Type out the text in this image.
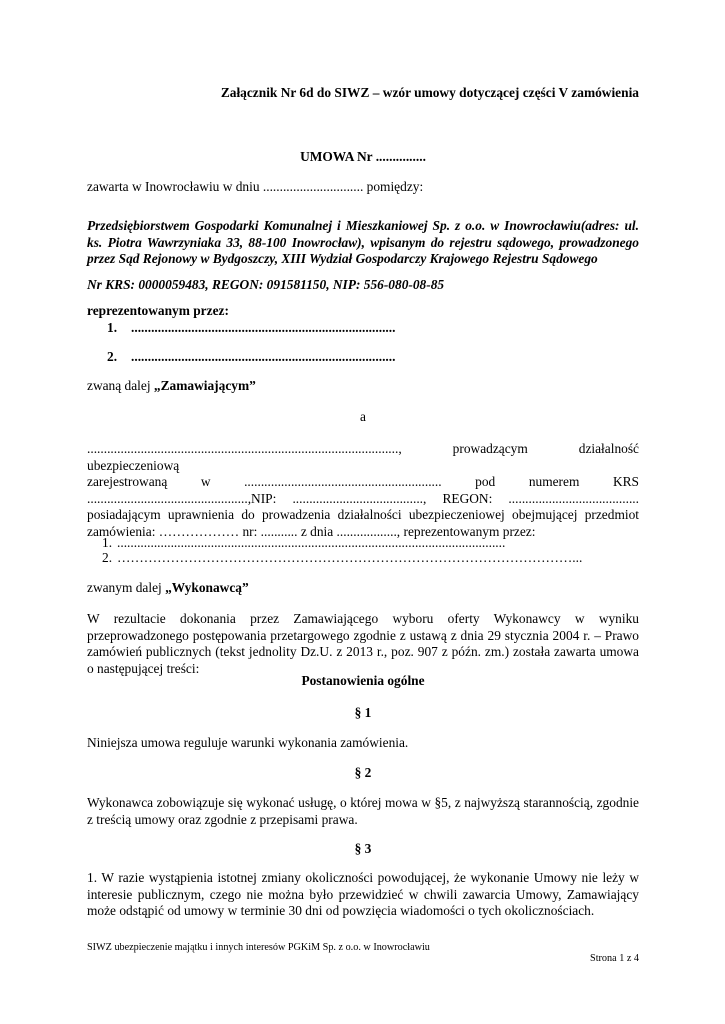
Załącznik Nr 6d do SIWZ – wzór umowy dotyczącej części V zamówienia

UMOWA Nr ...............

zawarta w Inowrocławiu w dniu .............................. pomiędzy:

Przedsiębiorstwem Gospodarki Komunalnej i Mieszkaniowej Sp. z o.o. w Inowrocławiu(adres: ul.
ks. Piotra Wawrzyniaka 33, 88-100 Inowrocław), wpisanym do rejestru sądowego, prowadzonego
przez Sąd Rejonowy w Bydgoszczy, XIII Wydział Gospodarczy Krajowego Rejestru Sądowego

Nr KRS: 0000059483, REGON: 091581150, NIP: 556-080-08-85

reprezentowanym przez:

1. ...............................................................................

2. ...............................................................................

zwaną dalej „Zamawiającym”

a

............................................................................................., prowadzącym działalność ubezpieczeniową
zarejestrowaną w ........................................................... pod numerem KRS
................................................,NIP: ......................................., REGON: .......................................
posiadającym uprawnienia do prowadzenia działalności ubezpieczeniowej obejmującej przedmiot
zamówienia: ……………… nr: ........... z dnia .................., reprezentowanym przez:

1. ....................................................................................................................

2. …………………………………………………………………………………………...

zwanym dalej „Wykonawcą”

W rezultacie dokonania przez Zamawiającego wyboru oferty Wykonawcy w wyniku
przeprowadzonego postępowania przetargowego zgodnie z ustawą z dnia 29 stycznia 2004 r. – Prawo
zamówień publicznych (tekst jednolity Dz.U. z 2013 r., poz. 907 z późn. zm.) została zawarta umowa
o następującej treści:

Postanowienia ogólne

§ 1

Niniejsza umowa reguluje warunki wykonania zamówienia.

§ 2

Wykonawca zobowiązuje się wykonać usługę, o której mowa w §5, z najwyższą starannością, zgodnie
z treścią umowy oraz zgodnie z przepisami prawa.

§ 3

1. W razie wystąpienia istotnej zmiany okoliczności powodującej, że wykonanie Umowy nie leży w
interesie publicznym, czego nie można było przewidzieć w chwili zawarcia Umowy, Zamawiający
może odstąpić od umowy w terminie 30 dni od powzięcia wiadomości o tych okolicznościach.

SIWZ ubezpieczenie majątku i innych interesów PGKiM Sp. z o.o. w Inowrocławiu

Strona 1 z 4
